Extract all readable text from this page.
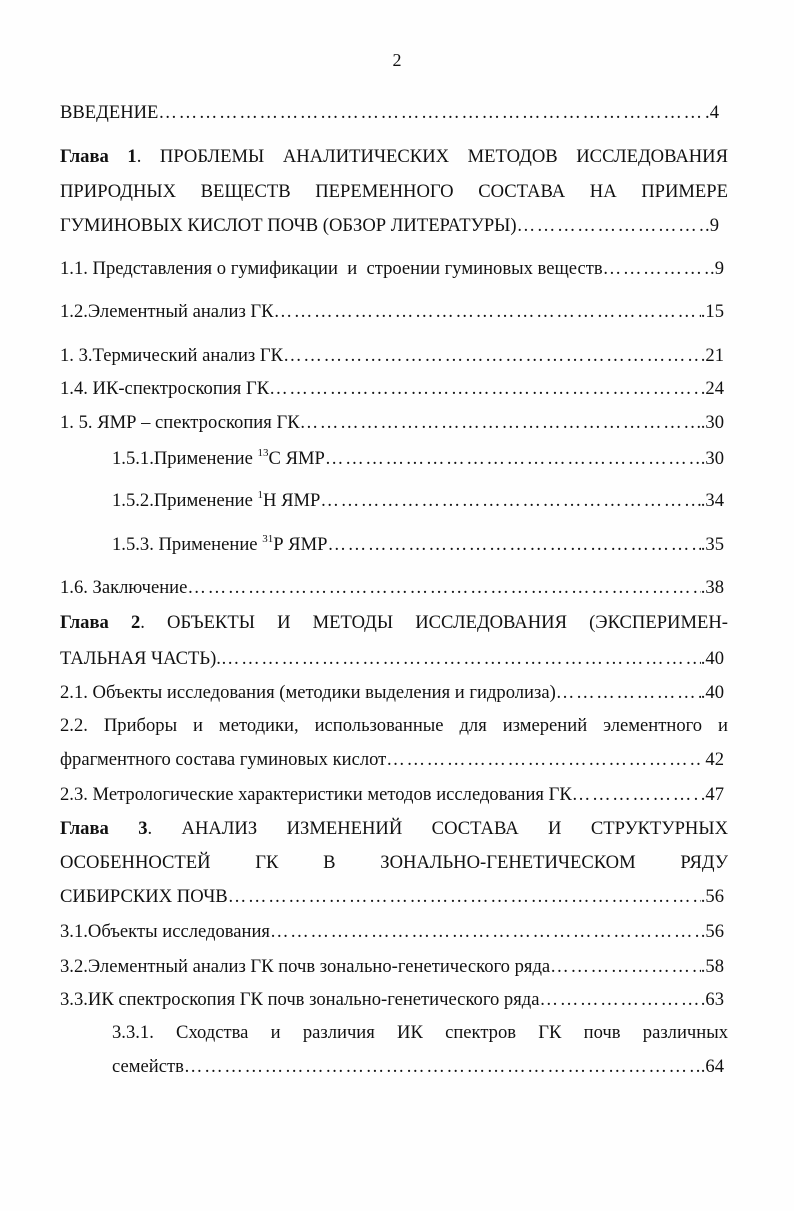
2
ВВЕДЕНИЕ …………………………………………………………………………………………………………………………………………………………	.4
Глава 1. ПРОБЛЕМЫ АНАЛИТИЧЕСКИХ МЕТОДОВ ИССЛЕДОВАНИЯ
ПРИРОДНЫХ ВЕЩЕСТВ ПЕРЕМЕННОГО СОСТАВА НА ПРИМЕРЕ
ГУМИНОВЫХ КИСЛОТ ПОЧВ (ОБЗОР ЛИТЕРАТУРЫ) …………………………………………………………………………………………………………………………………………………………	.9
1.1. Представления о гумификации  и  строении гуминовых веществ …………………………………………………………………………………………………………………………………………………………	.9
1.2.Элементный анализ ГК …………………………………………………………………………………………………………………………………………………………	.15
1. 3.Термический анализ ГК …………………………………………………………………………………………………………………………………………………………	.21
1.4. ИК-спектроскопия ГК …………………………………………………………………………………………………………………………………………………………	.24
1. 5. ЯМР – спектроскопия ГК …………………………………………………………………………………………………………………………………………………………	.30
1.5.1.Применение $^{13}$С ЯМР …………………………………………………………………………………………………………………………………………………………	.30
1.5.2.Применение $^1$Н ЯМР …………………………………………………………………………………………………………………………………………………………	.34
1.5.3. Применение $^{31}$Р ЯМР …………………………………………………………………………………………………………………………………………………………	.35
1.6. Заключение …………………………………………………………………………………………………………………………………………………………	.38
Глава 2. ОБЪЕКТЫ И МЕТОДЫ ИССЛЕДОВАНИЯ (ЭКСПЕРИМЕН-
ТАЛЬНАЯ ЧАСТЬ). …………………………………………………………………………………………………………………………………………………………	.40
2.1. Объекты исследования (методики выделения и гидролиза) …………………………………………………………………………………………………………………………………………………………	.40
2.2. Приборы и методики, использованные для измерений элементного и
фрагментного состава гуминовых кислот …………………………………………………………………………………………………………………………………………………………	. 42
2.3. Метрологические характеристики методов исследования ГК …………………………………………………………………………………………………………………………………………………………	.47
Глава 3. АНАЛИЗ ИЗМЕНЕНИЙ СОСТАВА И СТРУКТУРНЫХ
ОСОБЕННОСТЕЙ ГК В ЗОНАЛЬНО-ГЕНЕТИЧЕСКОМ РЯДУ
СИБИРСКИХ ПОЧВ …………………………………………………………………………………………………………………………………………………………	.56
3.1. Объекты исследования …………………………………………………………………………………………………………………………………………………………	.56
3.2. Элементный анализ ГК почв зонально-генетического ряда …………………………………………………………………………………………………………………………………………………………	.58
3.3. ИК спектроскопия ГК почв зонально-генетического ряда …………………………………………………………………………………………………………………………………………………………	.63
3.3.1. Сходства и различия ИК спектров ГК почв различных
семейств …………………………………………………………………………………………………………………………………………………………	.64
